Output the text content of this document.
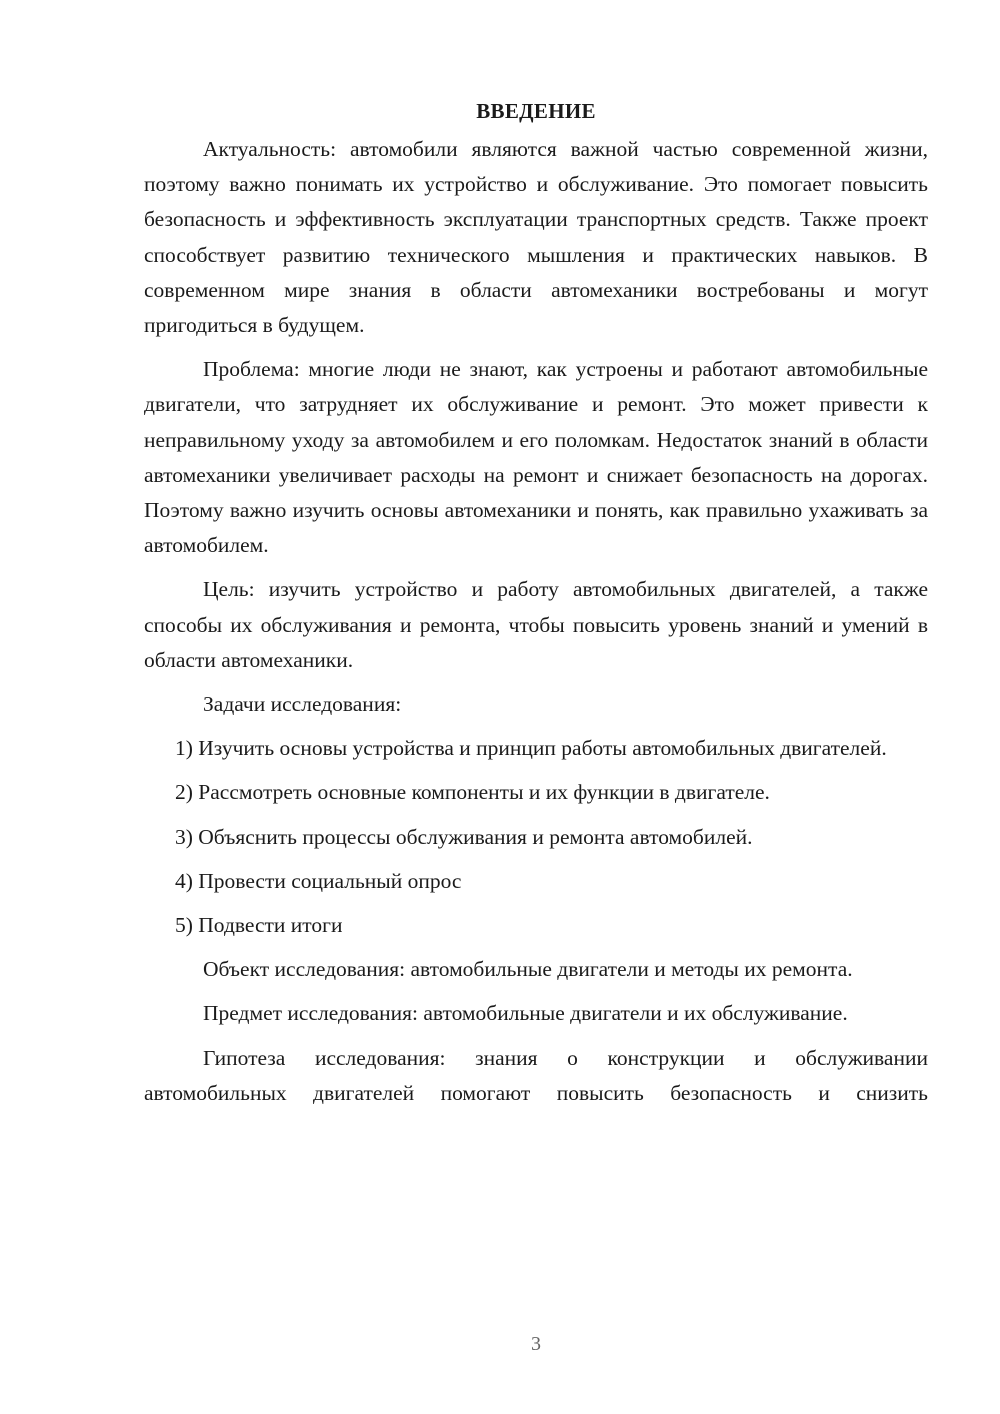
ВВЕДЕНИЕ

Актуальность: автомобили являются важной частью современной жизни, поэтому важно понимать их устройство и обслуживание. Это помогает повысить безопасность и эффективность эксплуатации транспортных средств. Также проект способствует развитию технического мышления и практических навыков. В современном мире знания в области автомеханики востребованы и могут пригодиться в будущем.

Проблема: многие люди не знают, как устроены и работают автомобильные двигатели, что затрудняет их обслуживание и ремонт. Это может привести к неправильному уходу за автомобилем и его поломкам. Недостаток знаний в области автомеханики увеличивает расходы на ремонт и снижает безопасность на дорогах. Поэтому важно изучить основы автомеханики и понять, как правильно ухаживать за автомобилем.

Цель: изучить устройство и работу автомобильных двигателей, а также способы их обслуживания и ремонта, чтобы повысить уровень знаний и умений в области автомеханики.

Задачи исследования:

1) Изучить основы устройства и принцип работы автомобильных двигателей.

2) Рассмотреть основные компоненты и их функции в двигателе.

3) Объяснить процессы обслуживания и ремонта автомобилей.

4) Провести социальный опрос

5) Подвести итоги

Объект исследования: автомобильные двигатели и методы их ремонта.

Предмет исследования: автомобильные двигатели и их обслуживание.

Гипотеза исследования: знания о конструкции и обслуживании автомобильных двигателей помогают повысить безопасность и снизить

3
